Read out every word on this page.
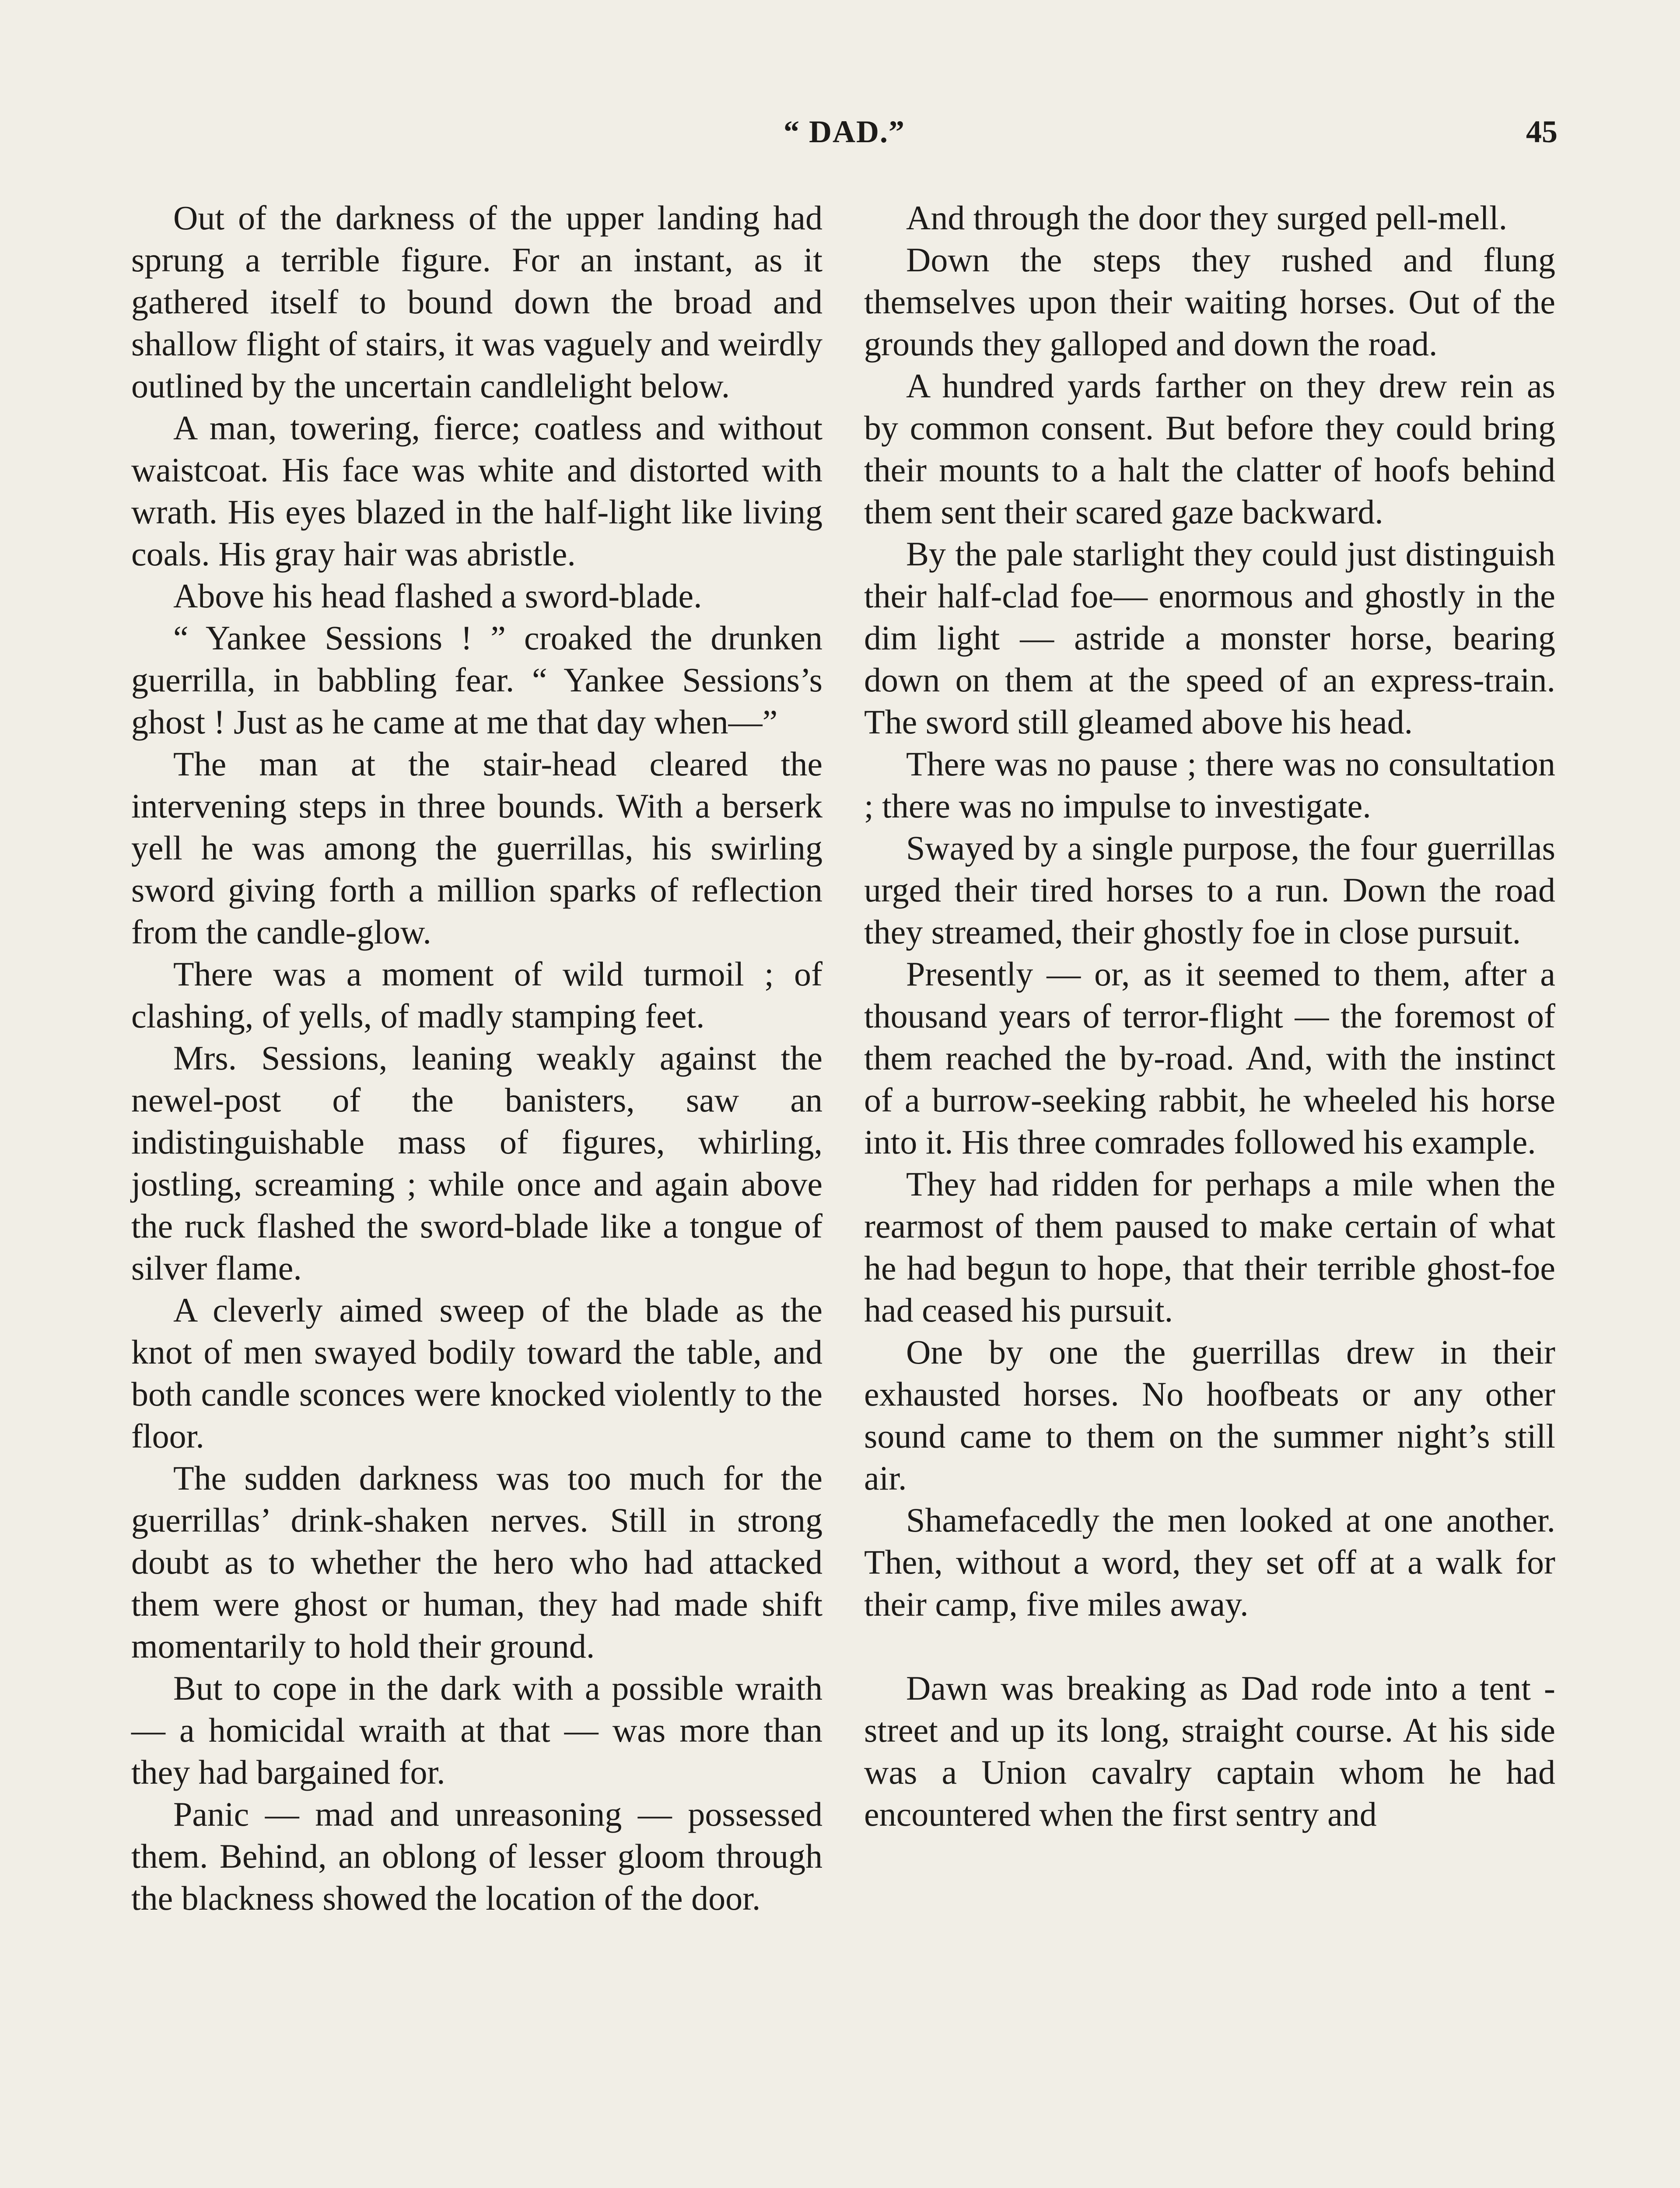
“ DAD.”	45

Out of the darkness of the upper landing had sprung a terrible figure. For an instant, as it gathered itself to bound down the broad and shallow flight of stairs, it was vaguely and weirdly outlined by the uncertain candlelight below.

A man, towering, fierce; coatless and without waistcoat. His face was white and distorted with wrath. His eyes blazed in the half-light like living coals. His gray hair was abristle.

Above his head flashed a sword-blade.

“ Yankee Sessions ! ” croaked the drunken guerrilla, in babbling fear. “ Yankee Sessions’s ghost ! Just as he came at me that day when—”

The man at the stair-head cleared the intervening steps in three bounds. With a berserk yell he was among the guerrillas, his swirling sword giving forth a million sparks of reflection from the candle-glow.

There was a moment of wild turmoil ; of clashing, of yells, of madly stamping feet.

Mrs. Sessions, leaning weakly against the newel-post of the banisters, saw an indistinguishable mass of figures, whirling, jostling, screaming ; while once and again above the ruck flashed the sword-blade like a tongue of silver flame.

A cleverly aimed sweep of the blade as the knot of men swayed bodily toward the table, and both candle sconces were knocked violently to the floor.

The sudden darkness was too much for the guerrillas’ drink-shaken nerves. Still in strong doubt as to whether the hero who had attacked them were ghost or human, they had made shift momentarily to hold their ground.

But to cope in the dark with a possible wraith — a homicidal wraith at that — was more than they had bargained for.

Panic — mad and unreasoning — possessed them. Behind, an oblong of lesser gloom through the blackness showed the location of the door.

And through the door they surged pell-mell.

Down the steps they rushed and flung themselves upon their waiting horses. Out of the grounds they galloped and down the road.

A hundred yards farther on they drew rein as by common consent. But before they could bring their mounts to a halt the clatter of hoofs behind them sent their scared gaze backward.

By the pale starlight they could just distinguish their half-clad foe— enormous and ghostly in the dim light — astride a monster horse, bearing down on them at the speed of an express-train. The sword still gleamed above his head.

There was no pause ; there was no consultation ; there was no impulse to investigate.

Swayed by a single purpose, the four guerrillas urged their tired horses to a run. Down the road they streamed, their ghostly foe in close pursuit.

Presently — or, as it seemed to them, after a thousand years of terror-flight — the foremost of them reached the by-road. And, with the instinct of a burrow-seeking rabbit, he wheeled his horse into it. His three comrades followed his example.

They had ridden for perhaps a mile when the rearmost of them paused to make certain of what he had begun to hope, that their terrible ghost-foe had ceased his pursuit.

One by one the guerrillas drew in their exhausted horses. No hoofbeats or any other sound came to them on the summer night’s still air.

Shamefacedly the men looked at one another. Then, without a word, they set off at a walk for their camp, five miles away.

Dawn was breaking as Dad rode into a tent - street and up its long, straight course. At his side was a Union cavalry captain whom he had encountered when the first sentry and
